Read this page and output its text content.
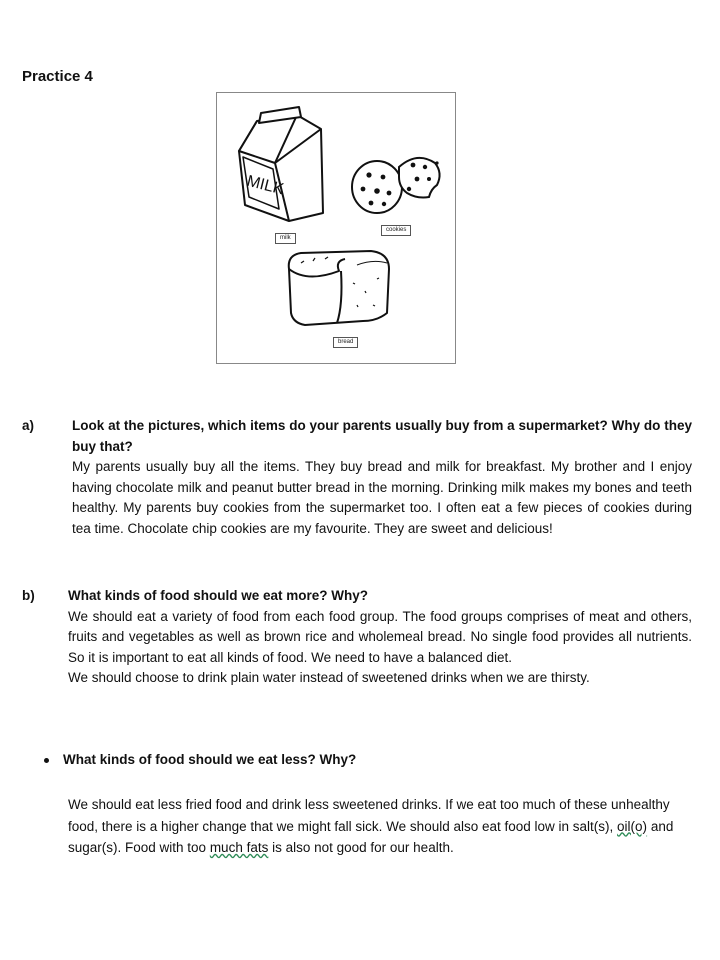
Practice 4
MILK
milk
cookies
bread
a)	Look at the pictures, which items do your parents usually buy from a supermarket? Why do they buy that?
My parents usually buy all the items. They buy bread and milk for breakfast. My brother and I enjoy having chocolate milk and peanut butter bread in the morning. Drinking milk makes my bones and teeth healthy. My parents buy cookies from the supermarket too. I often eat a few pieces of cookies during tea time. Chocolate chip cookies are my favourite. They are sweet and delicious!
b) What kinds of food should we eat more? Why?
We should eat a variety of food from each food group. The food groups comprises of meat and others, fruits and vegetables as well as brown rice and wholemeal bread. No single food provides all nutrients. So it is important to eat all kinds of food. We need to have a balanced diet.
We should choose to drink plain water instead of sweetened drinks when we are thirsty.
What kinds of food should we eat less? Why?
We should eat less fried food and drink less sweetened drinks. If we eat too much of these unhealthy food, there is a higher change that we might fall sick. We should also eat food low in salt(s), oil(o) and sugar(s). Food with too much fats is also not good for our health.
